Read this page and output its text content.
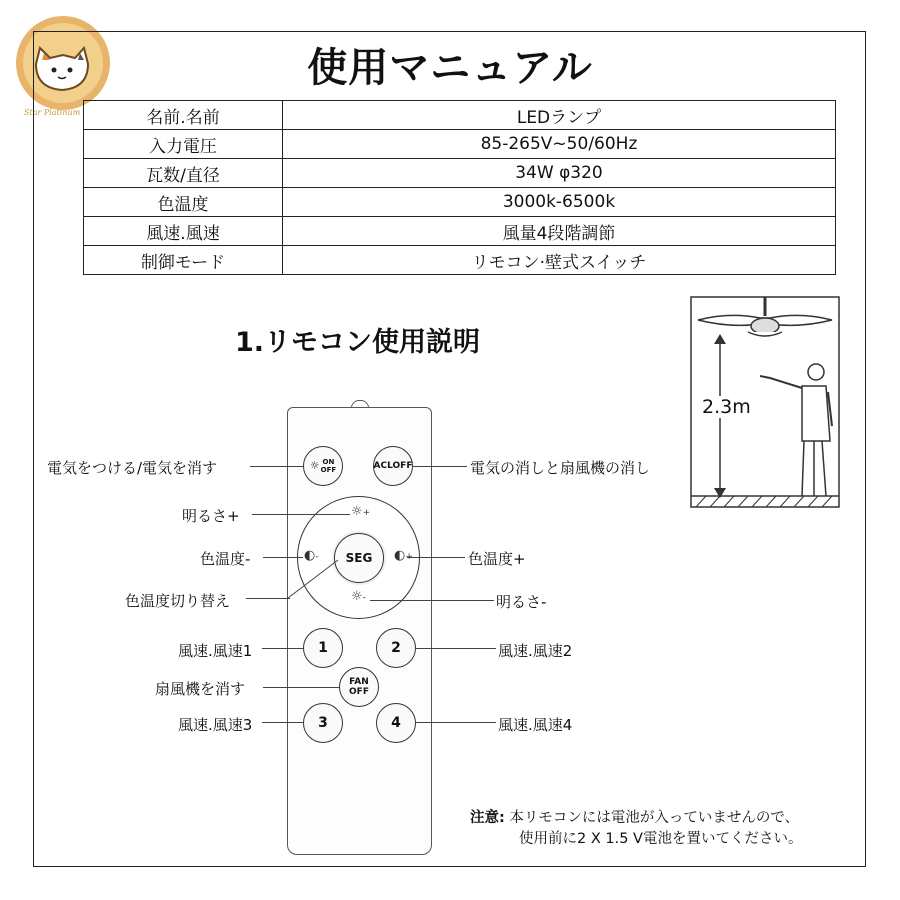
Star Platinum
使用マニュアル
名前.名前	LEDランプ
入力電圧	85-265V~50/60Hz
瓦数/直径	34W φ320
色温度	3000k-6500k
風速.風速	風量4段階調節
制御モード	リモコン·壁式スイッチ
1.リモコン使用説明
2.3m
☼ ON
OFF	ACLOFF
☼+
☼-
◐-	◐+
SEG
1	2
FAN
OFF
3	4
電気をつける/電気を消す
明るさ+
色温度-
色温度切り替え
風速.風速1
扇風機を消す
風速.風速3
電気の消しと扇風機の消し
色温度+
明るさ-
風速.風速2
風速.風速4
注意: 本リモコンには電池が入っていませんので、
使用前に2 X 1.5 V電池を置いてください。
